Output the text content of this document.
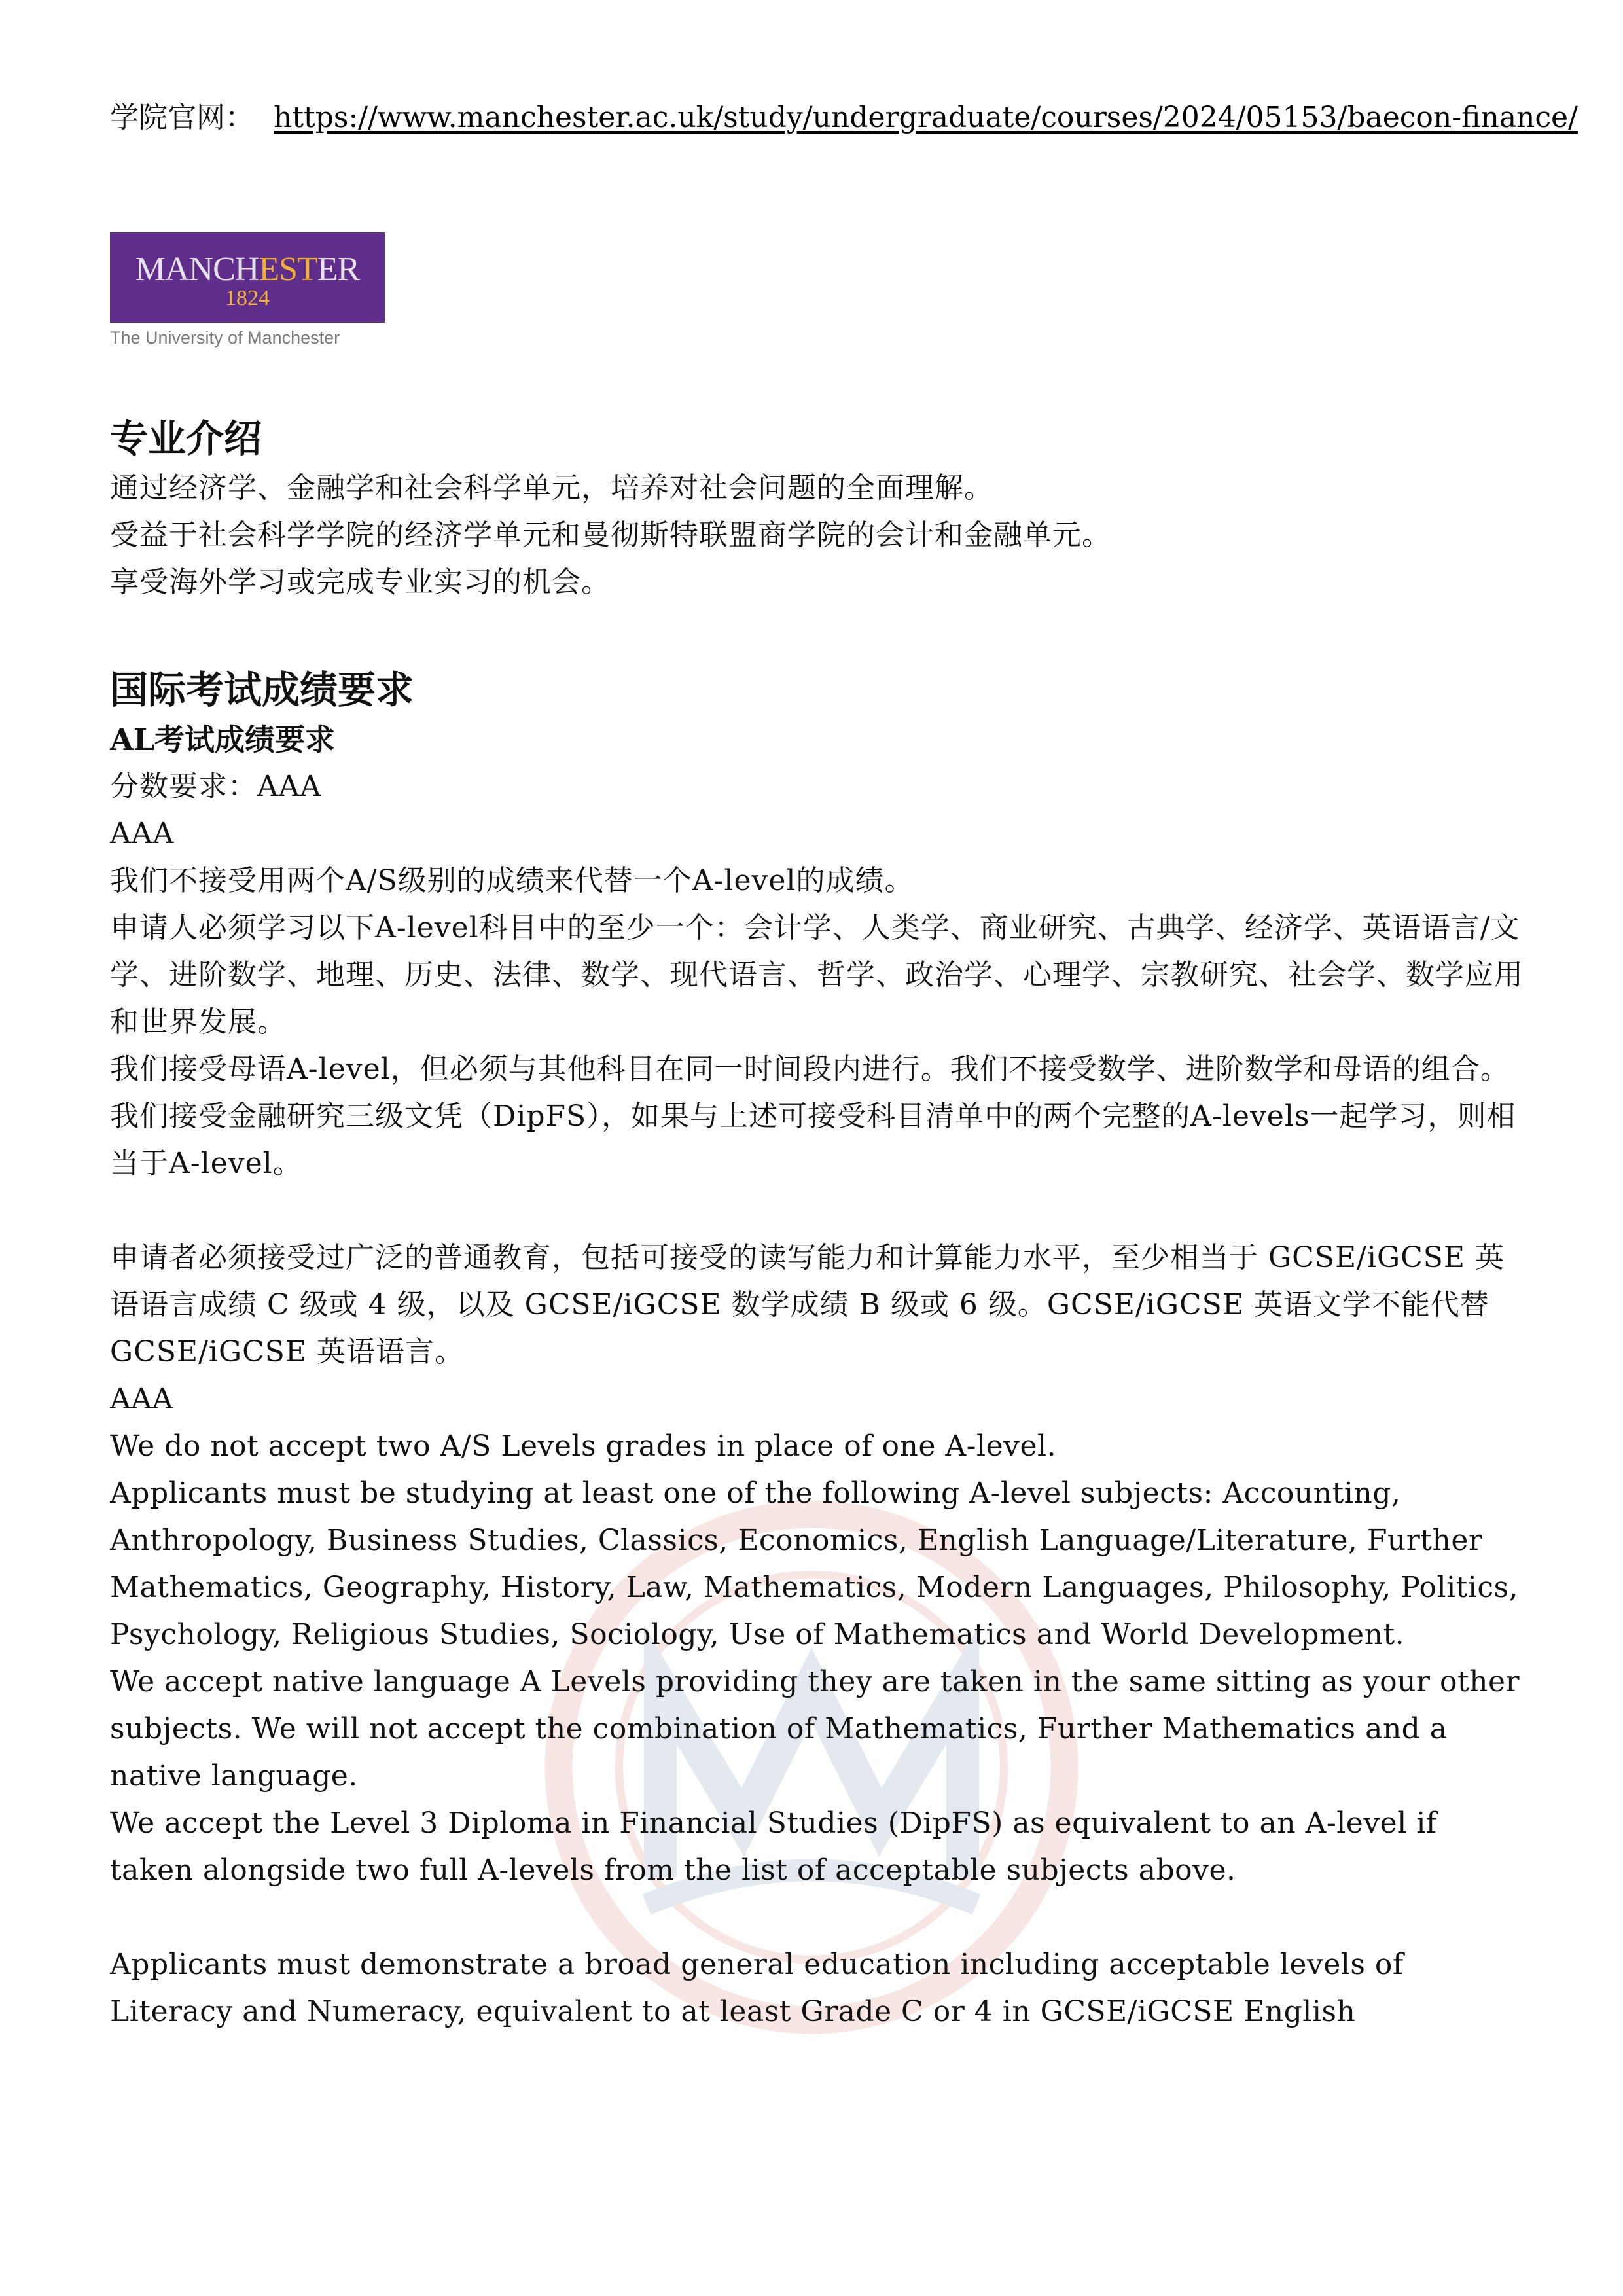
学院官网： https://www.manchester.ac.uk/study/undergraduate/courses/2024/05153/baecon-finance/
MANCHESTER
1824
The University of Manchester
专业介绍

通过经济学、金融学和社会科学单元，培养对社会问题的全面理解。

受益于社会科学学院的经济学单元和曼彻斯特联盟商学院的会计和金融单元。

享受海外学习或完成专业实习的机会。

国际考试成绩要求
AL考试成绩要求

分数要求：AAA

AAA

我们不接受用两个A/S级别的成绩来代替一个A-level的成绩。

申请人必须学习以下A-level科目中的至少一个：会计学、人类学、商业研究、古典学、经济学、英语语言/文学、进阶数学、地理、历史、法律、数学、现代语言、哲学、政治学、心理学、宗教研究、社会学、数学应用和世界发展。

我们接受母语A-level，但必须与其他科目在同一时间段内进行。我们不接受数学、进阶数学和母语的组合。

我们接受金融研究三级文凭（DipFS），如果与上述可接受科目清单中的两个完整的A-levels一起学习，则相当于A-level。

申请者必须接受过广泛的普通教育，包括可接受的读写能力和计算能力水平，至少相当于 GCSE/iGCSE 英语语言成绩 C 级或 4 级，以及 GCSE/iGCSE 数学成绩 B 级或 6 级。GCSE/iGCSE 英语文学不能代替 GCSE/iGCSE 英语语言。

AAA

We do not accept two A/S Levels grades in place of one A-level.

Applicants must be studying at least one of the following A-level subjects: Accounting, Anthropology, Business Studies, Classics, Economics, English Language/Literature, Further Mathematics, Geography, History, Law, Mathematics, Modern Languages, Philosophy, Politics, Psychology, Religious Studies, Sociology, Use of Mathematics and World Development.

We accept native language A Levels providing they are taken in the same sitting as your other subjects. We will not accept the combination of Mathematics, Further Mathematics and a native language.

We accept the Level 3 Diploma in Financial Studies (DipFS) as equivalent to an A-level if taken alongside two full A-levels from the list of acceptable subjects above.

Applicants must demonstrate a broad general education including acceptable levels of Literacy and Numeracy, equivalent to at least Grade C or 4 in GCSE/iGCSE English
